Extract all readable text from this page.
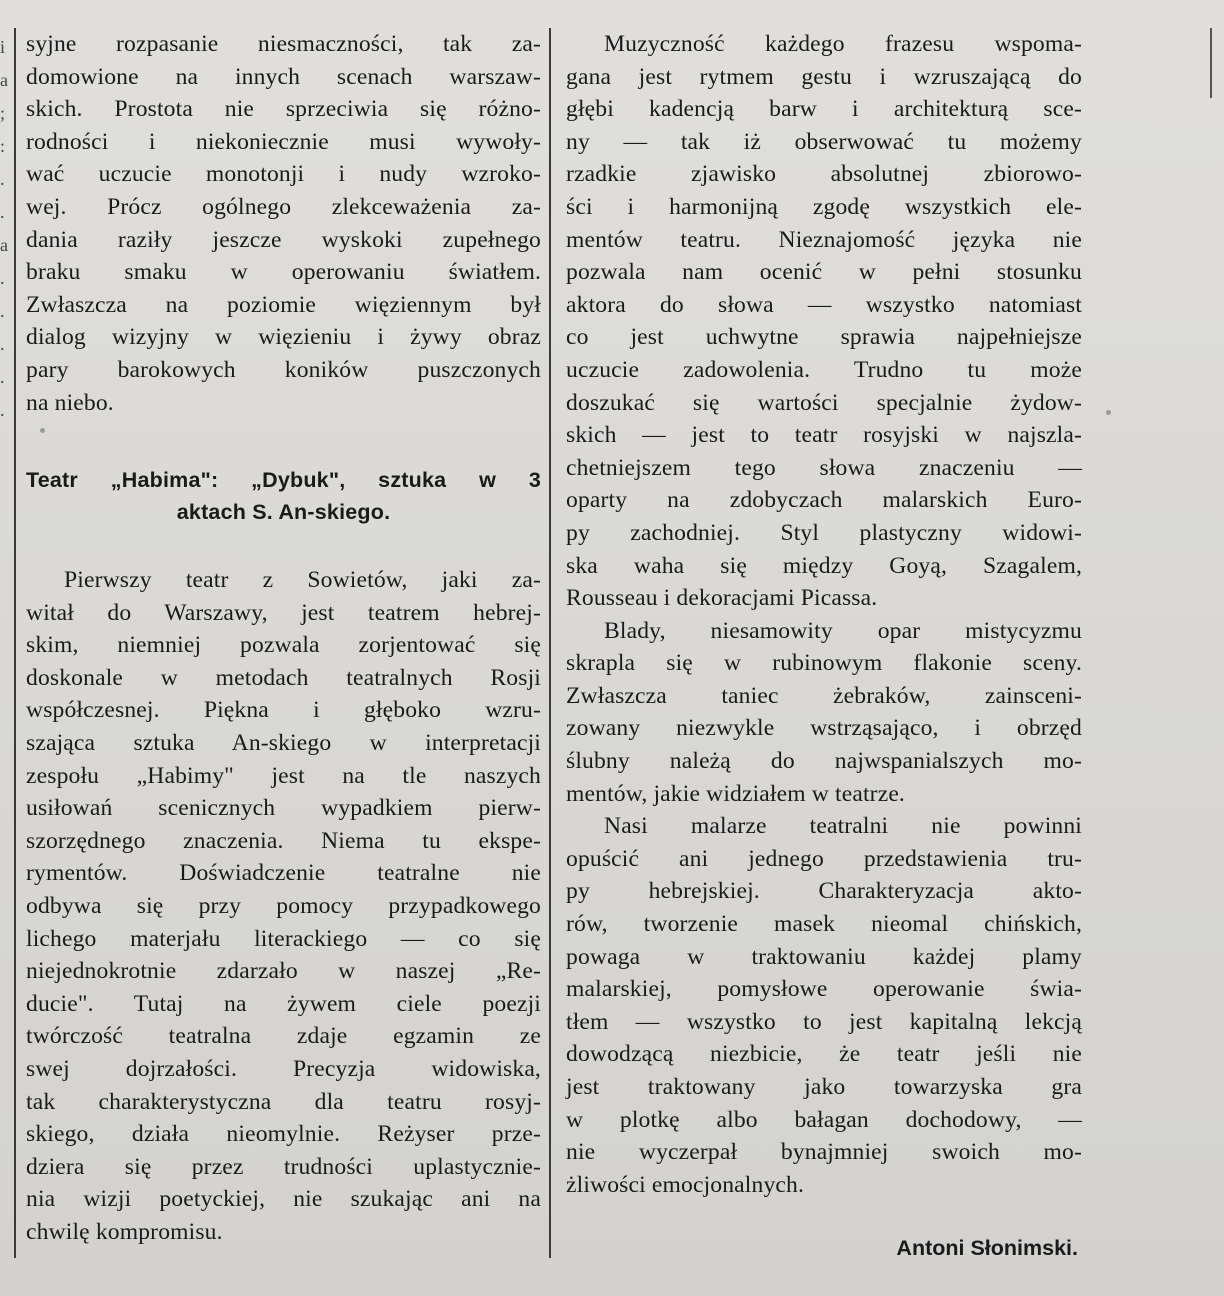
i
a
;
:
.
.
a
.
.
.
.
.
syjne rozpasanie niesmaczności, tak za-
domowione na innych scenach warszaw-
skich. Prostota nie sprzeciwia się różno-
rodności i niekoniecznie musi wywoły-
wać uczucie monotonji i nudy wzroko-
wej. Prócz ogólnego zlekceważenia za-
dania raziły jeszcze wyskoki zupełnego
braku smaku w operowaniu światłem.
Zwłaszcza na poziomie więziennym był
dialog wizyjny w więzieniu i żywy obraz
pary barokowych koników puszczonych
na niebo.
Teatr „Habima": „Dybuk", sztuka w 3
aktach S. An-skiego.
Pierwszy teatr z Sowietów, jaki za-
witał do Warszawy, jest teatrem hebrej-
skim, niemniej pozwala zorjentować się
doskonale w metodach teatralnych Rosji
współczesnej. Piękna i głęboko wzru-
szająca sztuka An-skiego w interpretacji
zespołu „Habimy" jest na tle naszych
usiłowań scenicznych wypadkiem pierw-
szorzędnego znaczenia. Niema tu ekspe-
rymentów. Doświadczenie teatralne nie
odbywa się przy pomocy przypadkowego
lichego materjału literackiego — co się
niejednokrotnie zdarzało w naszej „Re-
ducie". Tutaj na żywem ciele poezji
twórczość teatralna zdaje egzamin ze
swej dojrzałości. Precyzja widowiska,
tak charakterystyczna dla teatru rosyj-
skiego, działa nieomylnie. Reżyser prze-
dziera się przez trudności uplastycznie-
nia wizji poetyckiej, nie szukając ani na
chwilę kompromisu.
Muzyczność każdego frazesu wspoma-
gana jest rytmem gestu i wzruszającą do
głębi kadencją barw i architekturą sce-
ny — tak iż obserwować tu możemy
rzadkie zjawisko absolutnej zbiorowo-
ści i harmonijną zgodę wszystkich ele-
mentów teatru. Nieznajomość języka nie
pozwala nam ocenić w pełni stosunku
aktora do słowa — wszystko natomiast
co jest uchwytne sprawia najpełniejsze
uczucie zadowolenia. Trudno tu może
doszukać się wartości specjalnie żydow-
skich — jest to teatr rosyjski w najszla-
chetniejszem tego słowa znaczeniu —
oparty na zdobyczach malarskich Euro-
py zachodniej. Styl plastyczny widowi-
ska waha się między Goyą, Szagalem,
Rousseau i dekoracjami Picassa.
Blady, niesamowity opar mistycyzmu
skrapla się w rubinowym flakonie sceny.
Zwłaszcza taniec żebraków, zainsceni-
zowany niezwykle wstrząsająco, i obrzęd
ślubny należą do najwspanialszych mo-
mentów, jakie widziałem w teatrze.
Nasi malarze teatralni nie powinni
opuścić ani jednego przedstawienia tru-
py hebrejskiej. Charakteryzacja akto-
rów, tworzenie masek nieomal chińskich,
powaga w traktowaniu każdej plamy
malarskiej, pomysłowe operowanie świa-
tłem — wszystko to jest kapitalną lekcją
dowodzącą niezbicie, że teatr jeśli nie
jest traktowany jako towarzyska gra
w plotkę albo bałagan dochodowy, —
nie wyczerpał bynajmniej swoich mo-
żliwości emocjonalnych.
Antoni Słonimski.
